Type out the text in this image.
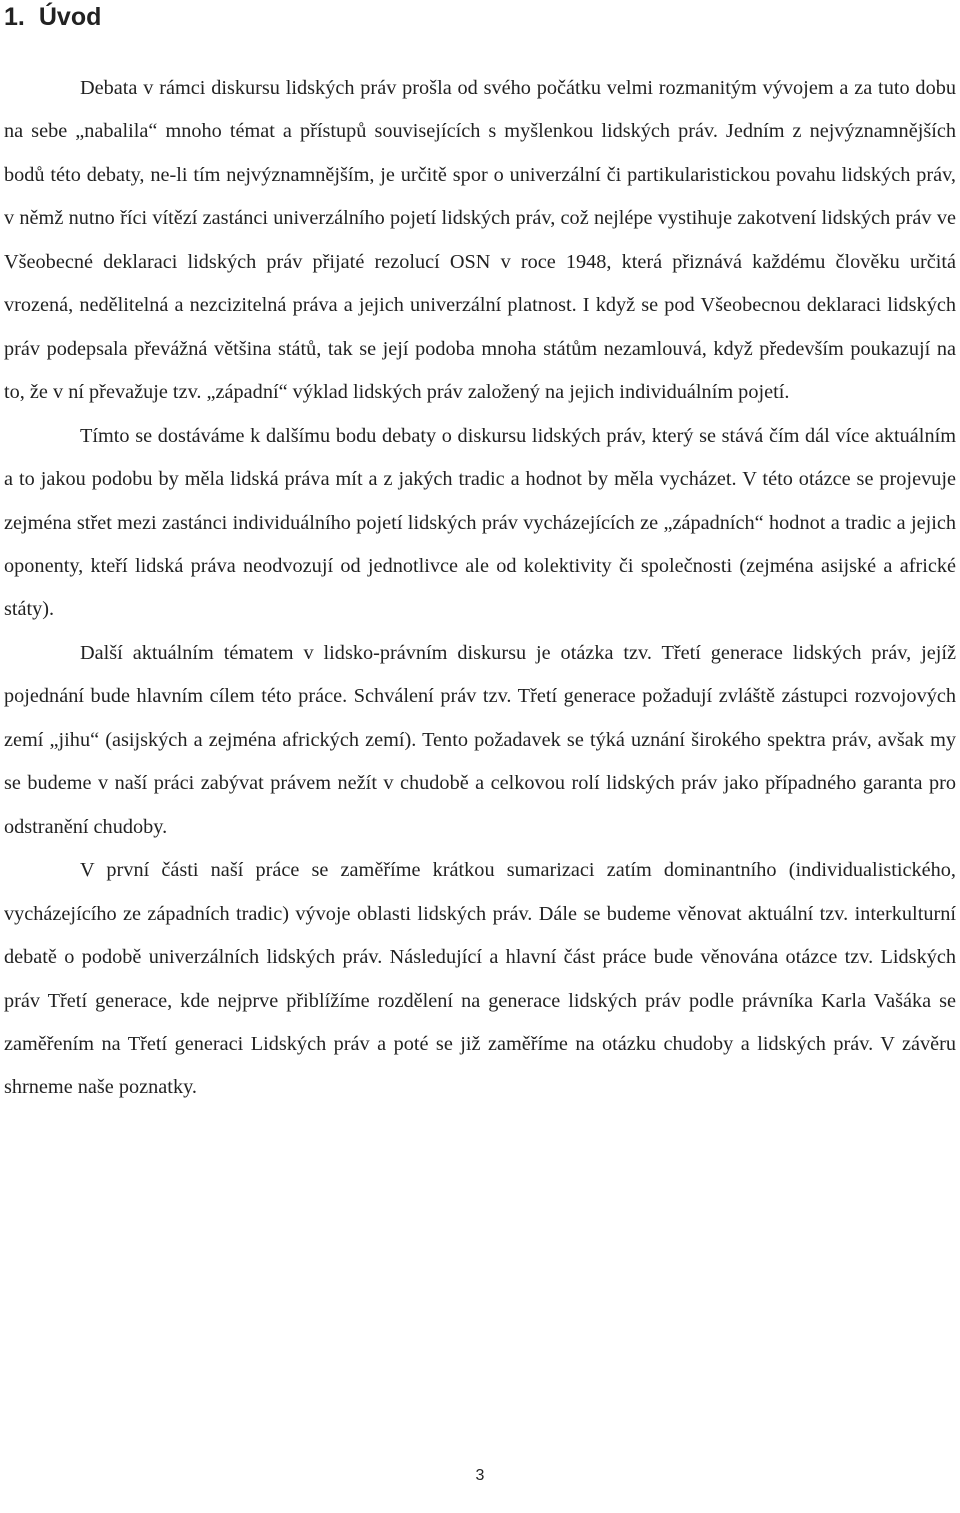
1. Úvod

Debata v rámci diskursu lidských práv prošla od svého počátku velmi rozmanitým vývojem a za tuto dobu na sebe „nabalila“ mnoho témat a přístupů souvisejících s myšlenkou lidských práv. Jedním z nejvýznamnějších bodů této debaty, ne-li tím nejvýznamnějším, je určitě spor o univerzální či partikularistickou povahu lidských práv, v němž nutno říci vítězí zastánci univerzálního pojetí lidských práv, což nejlépe vystihuje zakotvení lidských práv ve Všeobecné deklaraci lidských práv přijaté rezolucí OSN v roce 1948, která přiznává každému člověku určitá vrozená, nedělitelná a nezcizitelná práva a jejich univerzální platnost. I když se pod Všeobecnou deklaraci lidských práv podepsala převážná většina států, tak se její podoba mnoha státům nezamlouvá, když především poukazují na to, že v ní převažuje tzv. „západní“ výklad lidských práv založený na jejich individuálním pojetí.

Tímto se dostáváme k dalšímu bodu debaty o diskursu lidských práv, který se stává čím dál více aktuálním a to jakou podobu by měla lidská práva mít a z jakých tradic a hodnot by měla vycházet. V této otázce se projevuje zejména střet mezi zastánci individuálního pojetí lidských práv vycházejících ze „západních“ hodnot a tradic a jejich oponenty, kteří lidská práva neodvozují od jednotlivce ale od kolektivity či společnosti (zejména asijské a africké státy).

Další aktuálním tématem v lidsko-právním diskursu je otázka tzv. Třetí generace lidských práv, jejíž pojednání bude hlavním cílem této práce. Schválení práv tzv. Třetí generace požadují zvláště zástupci rozvojových zemí „jihu“ (asijských a zejména afrických zemí). Tento požadavek se týká uznání širokého spektra práv, avšak my se budeme v naší práci zabývat právem nežít v chudobě a celkovou rolí lidských práv jako případného garanta pro odstranění chudoby.

V první části naší práce se zaměříme krátkou sumarizaci zatím dominantního (individualistického, vycházejícího ze západních tradic) vývoje oblasti lidských práv. Dále se budeme věnovat aktuální tzv. interkulturní debatě o podobě univerzálních lidských práv. Následující a hlavní část práce bude věnována otázce tzv. Lidských práv Třetí generace, kde nejprve přiblížíme rozdělení na generace lidských práv podle právníka Karla Vašáka se zaměřením na Třetí generaci Lidských práv a poté se již zaměříme na otázku chudoby a lidských práv. V závěru shrneme naše poznatky.

3
